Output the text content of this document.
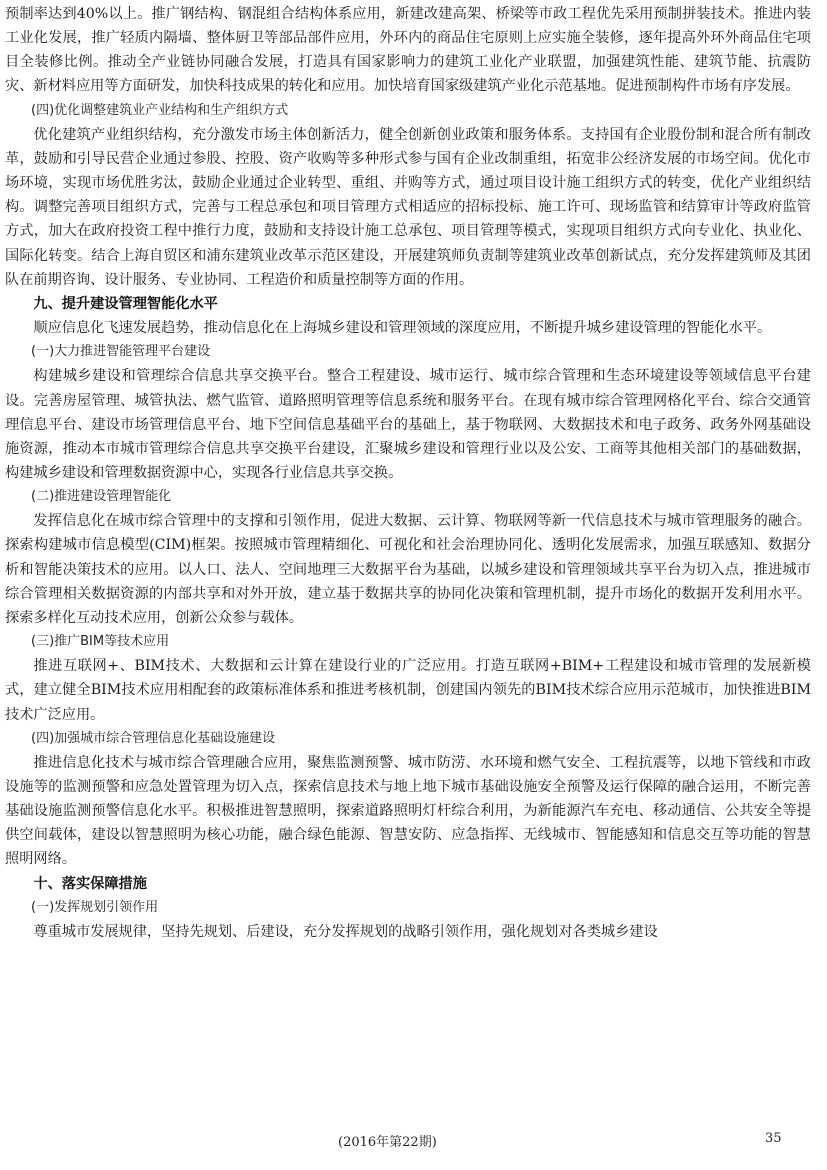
预制率达到40%以上。推广钢结构、钢混组合结构体系应用，新建改建高架、桥梁等市政工程优先采用预制拼装技术。推进内装工业化发展，推广轻质内隔墙、整体厨卫等部品部件应用，外环内的商品住宅原则上应实施全装修，逐年提高外环外商品住宅项目全装修比例。推动全产业链协同融合发展，打造具有国家影响力的建筑工业化产业联盟，加强建筑性能、建筑节能、抗震防灾、新材料应用等方面研发，加快科技成果的转化和应用。加快培育国家级建筑产业化示范基地。促进预制构件市场有序发展。

(四)优化调整建筑业产业结构和生产组织方式

优化建筑产业组织结构，充分激发市场主体创新活力，健全创新创业政策和服务体系。支持国有企业股份制和混合所有制改革，鼓励和引导民营企业通过参股、控股、资产收购等多种形式参与国有企业改制重组，拓宽非公经济发展的市场空间。优化市场环境，实现市场优胜劣汰，鼓励企业通过企业转型、重组、并购等方式，通过项目设计施工组织方式的转变，优化产业组织结构。调整完善项目组织方式，完善与工程总承包和项目管理方式相适应的招标投标、施工许可、现场监管和结算审计等政府监管方式，加大在政府投资工程中推行力度，鼓励和支持设计施工总承包、项目管理等模式，实现项目组织方式向专业化、执业化、国际化转变。结合上海自贸区和浦东建筑业改革示范区建设，开展建筑师负责制等建筑业改革创新试点，充分发挥建筑师及其团队在前期咨询、设计服务、专业协同、工程造价和质量控制等方面的作用。

九、提升建设管理智能化水平

顺应信息化飞速发展趋势，推动信息化在上海城乡建设和管理领域的深度应用，不断提升城乡建设管理的智能化水平。

(一)大力推进智能管理平台建设

构建城乡建设和管理综合信息共享交换平台。整合工程建设、城市运行、城市综合管理和生态环境建设等领域信息平台建设。完善房屋管理、城管执法、燃气监管、道路照明管理等信息系统和服务平台。在现有城市综合管理网格化平台、综合交通管理信息平台、建设市场管理信息平台、地下空间信息基础平台的基础上，基于物联网、大数据技术和电子政务、政务外网基础设施资源，推动本市城市管理综合信息共享交换平台建设，汇聚城乡建设和管理行业以及公安、工商等其他相关部门的基础数据，构建城乡建设和管理数据资源中心，实现各行业信息共享交换。

(二)推进建设管理智能化

发挥信息化在城市综合管理中的支撑和引领作用，促进大数据、云计算、物联网等新一代信息技术与城市管理服务的融合。探索构建城市信息模型(CIM)框架。按照城市管理精细化、可视化和社会治理协同化、透明化发展需求，加强互联感知、数据分析和智能决策技术的应用。以人口、法人、空间地理三大数据平台为基础，以城乡建设和管理领域共享平台为切入点，推进城市综合管理相关数据资源的内部共享和对外开放，建立基于数据共享的协同化决策和管理机制，提升市场化的数据开发利用水平。探索多样化互动技术应用，创新公众参与载体。

(三)推广BIM等技术应用

推进互联网+、BIM技术、大数据和云计算在建设行业的广泛应用。打造互联网+BIM+工程建设和城市管理的发展新模式，建立健全BIM技术应用相配套的政策标准体系和推进考核机制，创建国内领先的BIM技术综合应用示范城市，加快推进BIM技术广泛应用。

(四)加强城市综合管理信息化基础设施建设

推进信息化技术与城市综合管理融合应用，聚焦监测预警、城市防涝、水环境和燃气安全、工程抗震等，以地下管线和市政设施等的监测预警和应急处置管理为切入点，探索信息技术与地上地下城市基础设施安全预警及运行保障的融合运用，不断完善基础设施监测预警信息化水平。积极推进智慧照明，探索道路照明灯杆综合利用，为新能源汽车充电、移动通信、公共安全等提供空间载体，建设以智慧照明为核心功能，融合绿色能源、智慧安防、应急指挥、无线城市、智能感知和信息交互等功能的智慧照明网络。

十、落实保障措施

(一)发挥规划引领作用

尊重城市发展规律，坚持先规划、后建设，充分发挥规划的战略引领作用，强化规划对各类城乡建设

(2016年第22期)	35
